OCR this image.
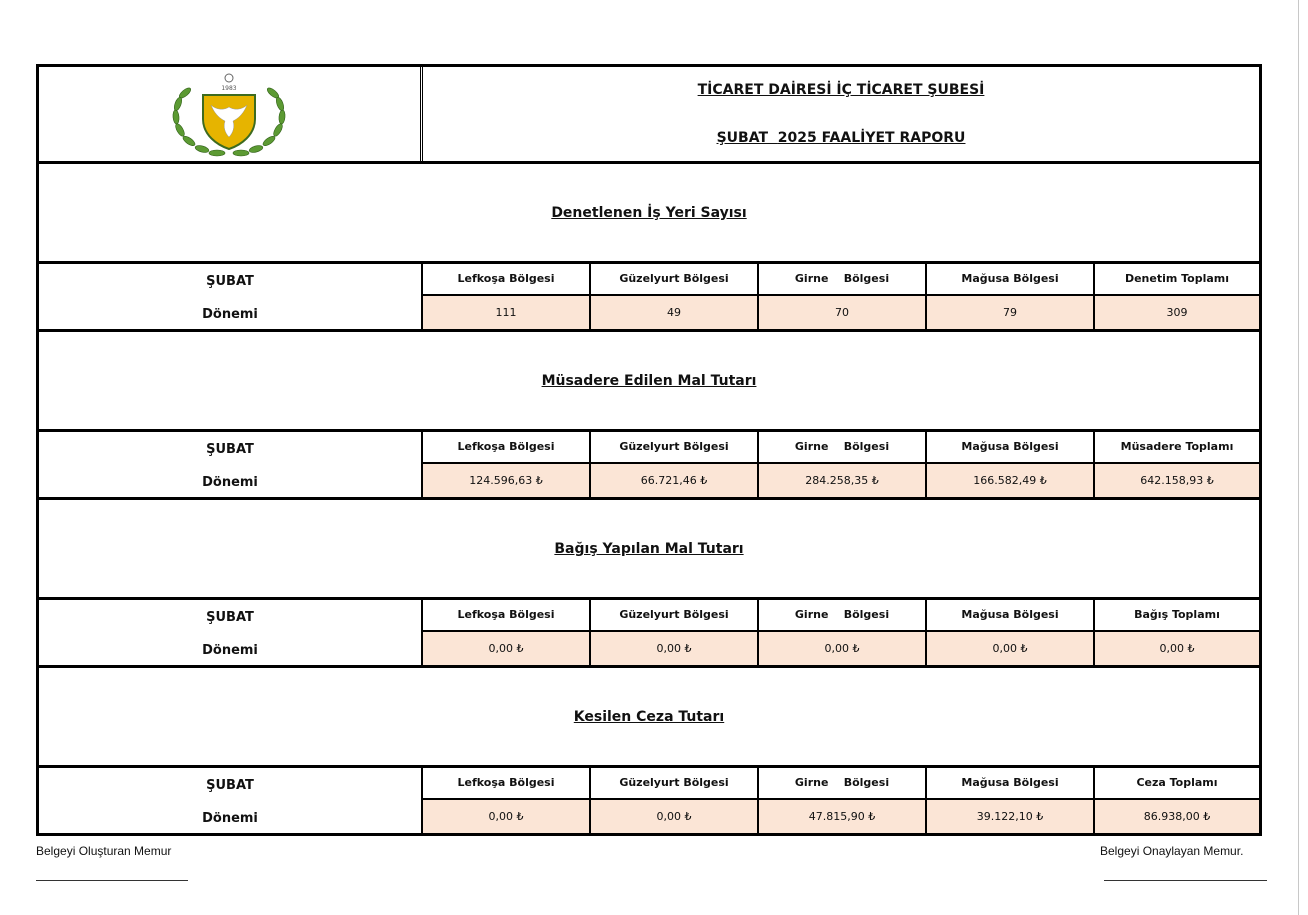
1983	TİCARET DAİRESİ İÇ TİCARET ŞUBESİ
ŞUBAT 2025 FAALİYET RAPORU
Denetlenen İş Yeri Sayısı
ŞUBAT
Dönemi
Lefkoşa Bölgesi
111
Güzelyurt Bölgesi
49
Girne    Bölgesi
70
Mağusa Bölgesi
79
Denetim Toplamı
309
Müsadere Edilen Mal Tutarı
ŞUBAT
Dönemi
Lefkoşa Bölgesi
124.596,63 ₺
Güzelyurt Bölgesi
66.721,46 ₺
Girne    Bölgesi
284.258,35 ₺
Mağusa Bölgesi
166.582,49 ₺
Müsadere Toplamı
642.158,93 ₺
Bağış Yapılan Mal Tutarı
ŞUBAT
Dönemi
Lefkoşa Bölgesi
0,00 ₺
Güzelyurt Bölgesi
0,00 ₺
Girne    Bölgesi
0,00 ₺
Mağusa Bölgesi
0,00 ₺
Bağış Toplamı
0,00 ₺
Kesilen Ceza Tutarı
ŞUBAT
Dönemi
Lefkoşa Bölgesi
0,00 ₺
Güzelyurt Bölgesi
0,00 ₺
Girne    Bölgesi
47.815,90 ₺
Mağusa Bölgesi
39.122,10 ₺
Ceza Toplamı
86.938,00 ₺
Belgeyi Oluşturan Memur	Belgeyi Onaylayan Memur.
